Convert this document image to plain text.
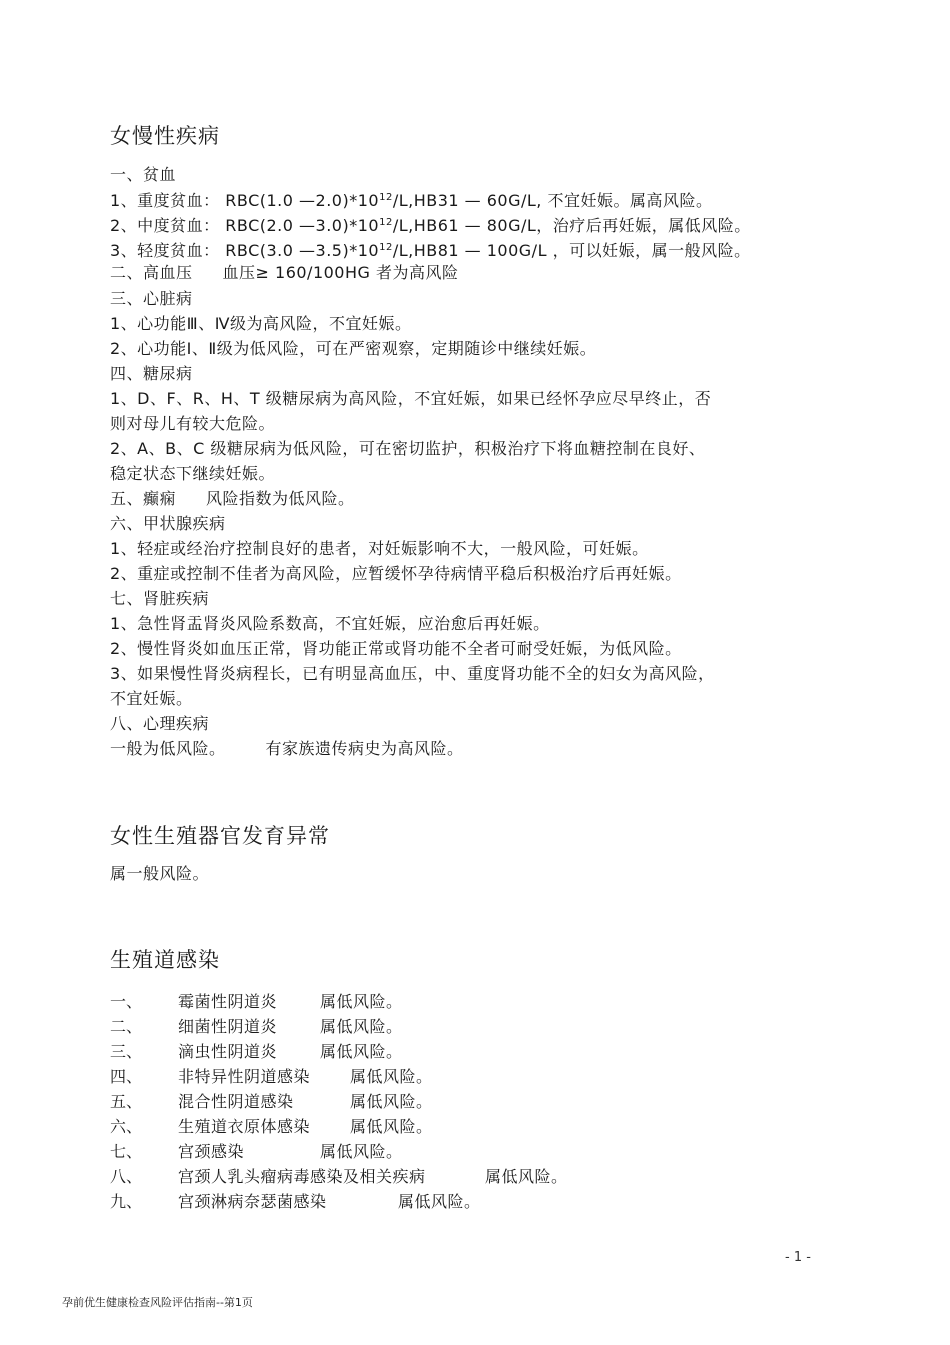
女慢性疾病
一、贫血
1、重度贫血： RBC(1.0 $—2.0)*10^{12}/L,HB31$ — 60G/L, 不宜妊娠。属高风险。
2、中度贫血： RBC(2.0 $—3.0)*10^{12}/L,HB61$ — 80G/L，治疗后再妊娠，属低风险。
3、轻度贫血： RBC(3.0 $—3.5)*10^{12}/L,HB81$ — 100G/L ，可以妊娠，属一般风险。
二、高血压 血压≥ 160/100HG 者为高风险
三、心脏病
1、心功能Ⅲ、Ⅳ级为高风险，不宜妊娠。
2、心功能Ⅰ、Ⅱ级为低风险，可在严密观察，定期随诊中继续妊娠。
四、糖尿病
1、D、F、R、H、T 级糖尿病为高风险，不宜妊娠，如果已经怀孕应尽早终止，否
则对母儿有较大危险。
2、A、B、C 级糖尿病为低风险，可在密切监护，积极治疗下将血糖控制在良好、
稳定状态下继续妊娠。
五、癫痫 风险指数为低风险。
六、甲状腺疾病
1、轻症或经治疗控制良好的患者，对妊娠影响不大，一般风险，可妊娠。
2、重症或控制不佳者为高风险，应暂缓怀孕待病情平稳后积极治疗后再妊娠。
七、肾脏疾病
1、急性肾盂肾炎风险系数高，不宜妊娠，应治愈后再妊娠。
2、慢性肾炎如血压正常，肾功能正常或肾功能不全者可耐受妊娠，为低风险。
3、如果慢性肾炎病程长，已有明显高血压，中、重度肾功能不全的妇女为高风险，
不宜妊娠。
八、心理疾病
一般为低风险。	有家族遗传病史为高风险。
女性生殖器官发育异常
属一般风险。
生殖道感染
一、 霉菌性阴道炎	属低风险。
二、 细菌性阴道炎	属低风险。
三、 滴虫性阴道炎	属低风险。
四、 非特异性阴道感染 属低风险。
五、 混合性阴道感染	属低风险。
六、 生殖道衣原体感染 属低风险。
七、 宫颈感染	属低风险。
八、 宫颈人乳头瘤病毒感染及相关疾病	属低风险。
九、 宫颈淋病奈瑟菌感染	属低风险。
- 1 -
孕前优生健康检查风险评估指南--第1页
